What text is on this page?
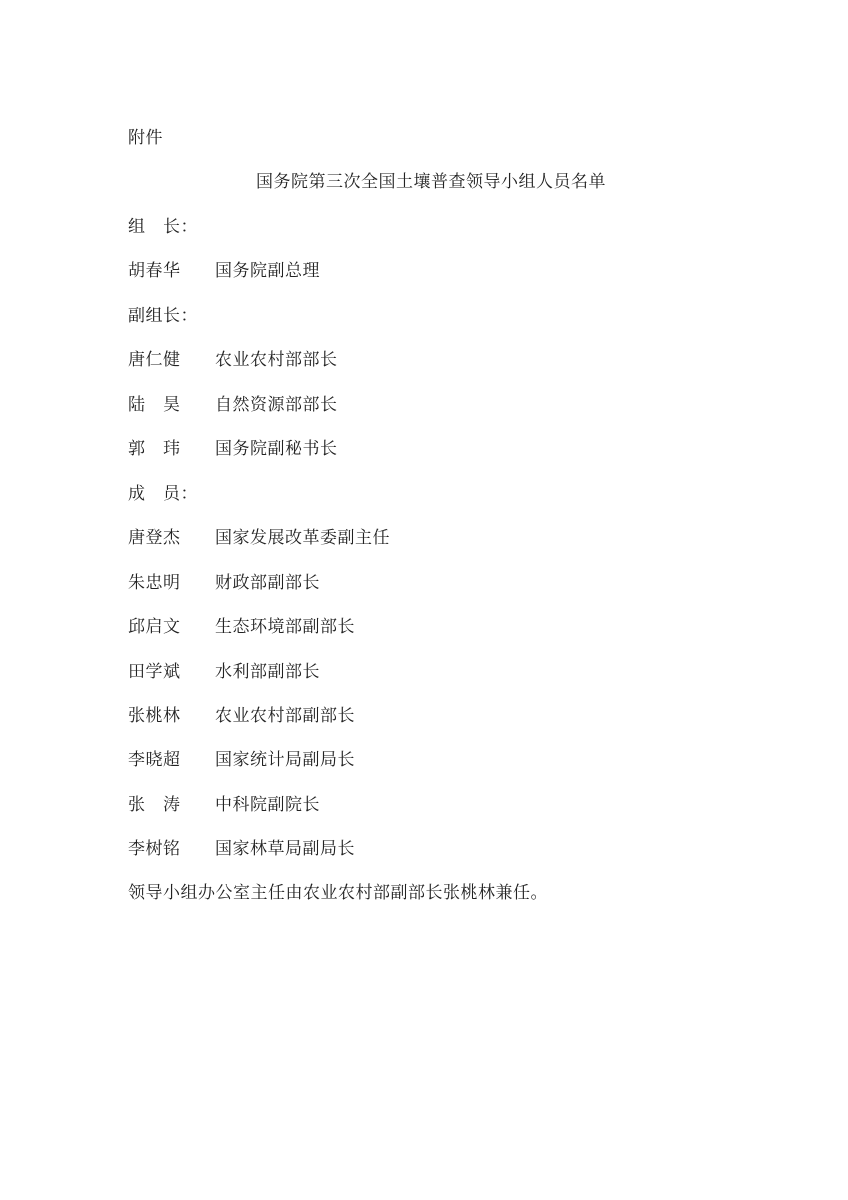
附件
国务院第三次全国土壤普查领导小组人员名单
组　长：
胡春华 国务院副总理
副组长：
唐仁健 农业农村部部长
陆　昊 自然资源部部长
郭　玮 国务院副秘书长
成　员：
唐登杰 国家发展改革委副主任
朱忠明 财政部副部长
邱启文 生态环境部副部长
田学斌 水利部副部长
张桃林 农业农村部副部长
李晓超 国家统计局副局长
张　涛 中科院副院长
李树铭 国家林草局副局长
领导小组办公室主任由农业农村部副部长张桃林兼任。
